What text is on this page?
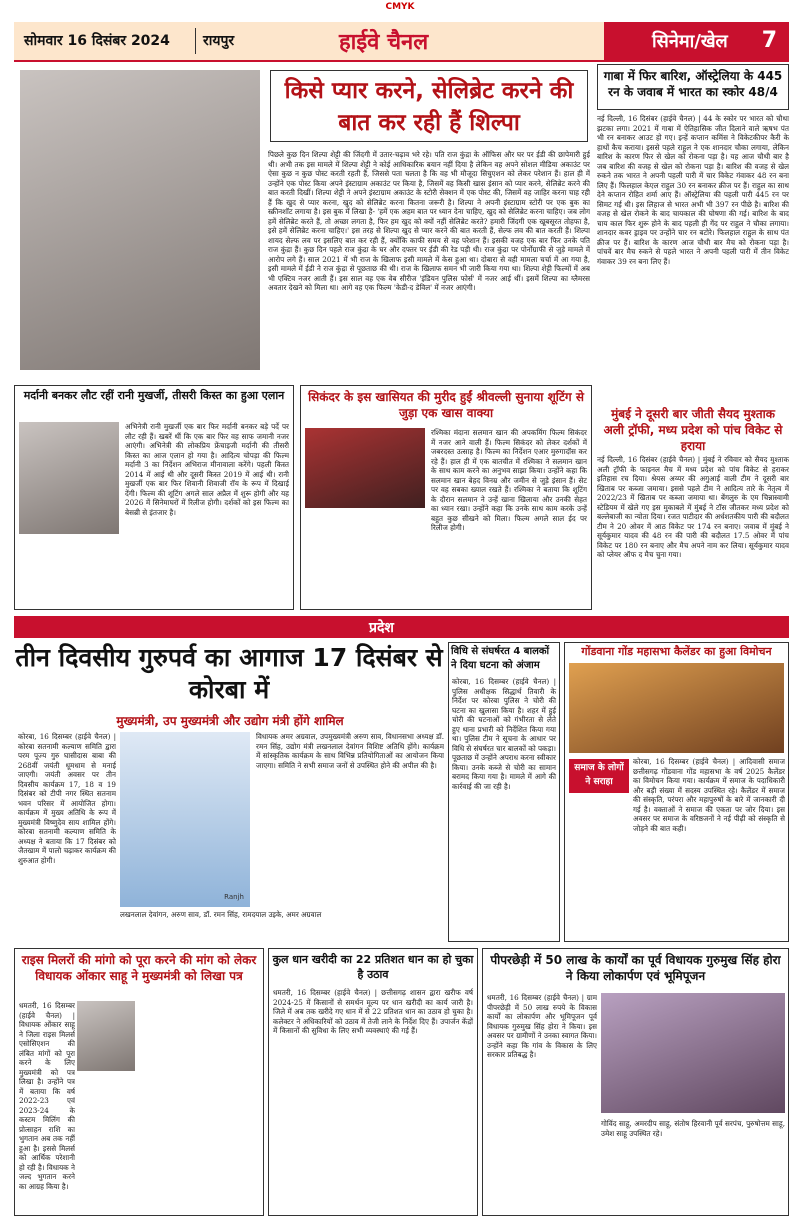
CMYK
सोमवार 16 दिसंबर 2024 रायपुर	हाईवे चैनल	सिनेमा/खेल	7
किसे प्यार करने, सेलिब्रेट करने की बात कर रही हैं शिल्पा
पिछले कुछ दिन शिल्पा शेट्टी की जिंदगी में उतार-चढ़ाव भरे रहे। पति राज कुंद्रा के ऑफिस और घर पर ईडी की छापेमारी हुई थी। अभी तक इस मामले में शिल्पा शेट्टी ने कोई आधिकारिक बयान नहीं दिया है लेकिन वह अपने सोशल मीडिया अकाउंट पर ऐसा कुछ न कुछ पोस्ट करती रहती हैं, जिससे पता चलता है कि वह भी मौजूदा सिचुएशन को लेकर परेशान हैं। हाल ही में उन्होंने एक पोस्ट किया अपने इंस्टाग्राम अकाउंट पर किया है, जिसमें वह किसी खास इंसान को प्यार करने, सेलिब्रेट करने की बात करती दिखीं। शिल्पा शेट्टी ने अपने इंस्टाग्राम अकाउंट के स्टोरी सेक्शन में एक पोस्ट की, जिसमें वह जाहिर करना चाह रही हैं कि खुद से प्यार करना, खुद को सेलिब्रेट करना कितना जरूरी है। शिल्पा ने अपनी इंस्टाग्राम स्टोरी पर एक बुक का स्क्रीनशॉट लगाया है। इस बुक में लिखा है- 'हमें एक अहम बात पर ध्यान देना चाहिए, खुद को सेलिब्रेट करना चाहिए। जब लोग हमें सेलिब्रेट करते हैं, तो अच्छा लगता है, फिर हम खुद को क्यों नहीं सेलिब्रेट करते? हमारी जिंदगी एक खूबसूरत तोहफा है, इसे हमें सेलिब्रेट करना चाहिए।' इस तरह से शिल्पा खुद से प्यार करने की बात करती हैं, सेल्फ लव की बात करती हैं। शिल्पा शायद सेल्फ लव पर इसलिए बात कर रही हैं, क्योंकि काफी समय से वह परेशान हैं। इसकी वजह एक बार फिर उनके पति राज कुंद्रा हैं। कुछ दिन पहले राज कुंद्रा के घर और दफ्तर पर ईडी की रेड पड़ी थी। राज कुंद्रा पर पोर्नोग्राफी से जुड़े मामले में आरोप लगे हैं। साल 2021 में भी राज के खिलाफ इसी मामले में केस हुआ था। दोबारा से वही मामला चर्चा में आ गया है, इसी मामले में ईडी ने राज कुंद्रा से पूछताछ की थी। राज के खिलाफ समन भी जारी किया गया था। शिल्पा शेट्टी फिल्मों में अब भी एक्टिव नजर आती हैं। इस साल वह एक वेब सीरीज 'इंडियन पुलिस फोर्स' में नजर आई थीं। इसमें शिल्पा का ग्लैमरस अवतार देखने को मिला था। आगे वह एक फिल्म 'केडी-द डेविल' में नजर आएंगी।
गाबा में फिर बारिश, ऑस्ट्रेलिया के 445 रन के जवाब में भारत का स्कोर 48/4
नई दिल्ली, 16 दिसंबर (हाईवे चैनल) | 44 के स्कोर पर भारत को चौथा झटका लगा। 2021 में गाबा में ऐतिहासिक जीत दिलाने वाले ऋषभ पंत भी रन बनाकर आउट हो गए। इन्हें कप्तान कमिंस ने विकेटकीपर कैरी के हाथों कैच कराया। इससे पहले राहुल ने एक शानदार चौका लगाया, लेकिन बारिश के कारण फिर से खेल को रोकना पड़ा है। यह आज चौथी बार है जब बारिश की वजह से खेल को रोकना पड़ा है। बारिश की वजह से खेल रुकने तक भारत ने अपनी पहली पारी में चार विकेट गंवाकर 48 रन बना लिए हैं। फिलहाल केएल राहुल 30 रन बनाकर क्रीज पर हैं। राहुल का साथ देने कप्तान रोहित शर्मा आए हैं। ऑस्ट्रेलिया की पहली पारी 445 रन पर सिमट गई थी। इस लिहाज से भारत अभी भी 397 रन पीछे है। बारिश की वजह से खेल रोकने के बाद चायकाल की घोषणा की गई। बारिश के बाद चाय काल फिर शुरू होने के बाद पहली ही गेंद पर राहुल ने चौका लगाया। शानदार कवर ड्राइव पर उन्होंने चार रन बटोरे। फिलहाल राहुल के साथ पंत क्रीज पर हैं। बारिश के कारण आज चौथी बार मैच को रोकना पड़ा है। पांचवें बार मैच रुकने से पहले भारत ने अपनी पहली पारी में तीन विकेट गंवाकर 39 रन बना लिए हैं।
मुंबई ने दूसरी बार जीती सैयद मुश्ताक अली ट्रॉफी, मध्य प्रदेश को पांच विकेट से हराया
नई दिल्ली, 16 दिसंबर (हाईवे चैनल) | मुंबई ने रविवार को सैयद मुश्ताक अली ट्रॉफी के फाइनल मैच में मध्य प्रदेश को पांच विकेट से हराकर इतिहास रच दिया। श्रेयस अय्यर की अगुआई वाली टीम ने दूसरी बार खिताब पर कब्जा जमाया। इससे पहले टीम ने आदित्य तारे के नेतृत्व में 2022/23 में खिताब पर कब्जा जमाया था। बेंगलुरु के एम चिन्नास्वामी स्टेडियम में खेले गए इस मुकाबले में मुंबई ने टॉस जीतकर मध्य प्रदेश को बल्लेबाजी का न्योता दिया। रजत पाटीदार की अर्धशतकीय पारी की बदौलत टीम ने 20 ओवर में आठ विकेट पर 174 रन बनाए। जवाब में मुंबई ने सूर्यकुमार यादव की 48 रन की पारी की बदौलत 17.5 ओवर में पांच विकेट पर 180 रन बनाए और मैच अपने नाम कर लिया। सूर्यकुमार यादव को प्लेयर ऑफ द मैच चुना गया।
मर्दानी बनकर लौट रहीं रानी मुखर्जी, तीसरी किस्त का हुआ एलान
अभिनेत्री रानी मुखर्जी एक बार फिर मर्दानी बनकर बड़े पर्दे पर लौट रही हैं। खबरें थीं कि एक बार फिर वह साफ जमानी नजर आएंगी। अभिनेत्री की लोकप्रिय फ्रेंचाइजी मर्दानी की तीसरी किस्त का आज एलान हो गया है। आदित्य चोपड़ा की फिल्म मर्दानी 3 का निर्देशन अभिराज मीनावाला करेंगे। पहली किस्त 2014 में आई थी और दूसरी किस्त 2019 में आई थी। रानी मुखर्जी एक बार फिर शिवानी शिवाजी रॉय के रूप में दिखाई देंगी। फिल्म की शूटिंग अगले साल अप्रैल में शुरू होगी और यह 2026 में सिनेमाघरों में रिलीज होगी। दर्शकों को इस फिल्म का बेसब्री से इंतजार है।
सिकंदर के इस खासियत की मुरीद हुईं श्रीवल्ली सुनाया शूटिंग से जुड़ा एक खास वाक्या
रश्मिका मंदाना सलमान खान की अपकमिंग फिल्म सिकंदर में नजर आने वाली हैं। फिल्म सिकंदर को लेकर दर्शकों में जबरदस्त उत्साह है। फिल्म का निर्देशन एआर मुरुगादॉस कर रहे हैं। हाल ही में एक बातचीत में रश्मिका ने सलमान खान के साथ काम करने का अनुभव साझा किया। उन्होंने कहा कि सलमान खान बेहद विनम्र और जमीन से जुड़े इंसान हैं। सेट पर वह सबका ख्याल रखते हैं। रश्मिका ने बताया कि शूटिंग के दौरान सलमान ने उन्हें खाना खिलाया और उनकी सेहत का ध्यान रखा। उन्होंने कहा कि उनके साथ काम करके उन्हें बहुत कुछ सीखने को मिला। फिल्म अगले साल ईद पर रिलीज होगी।
प्रदेश
तीन दिवसीय गुरुपर्व का आगाज 17 दिसंबर से कोरबा में
मुख्यमंत्री, उप मुख्यमंत्री और उद्योग मंत्री होंगे शामिल
कोरबा, 16 दिसम्बर (हाईवे चैनल) | कोरबा सतनामी कल्याण समिति द्वारा परम पूज्य गुरु घासीदास बाबा की 268वीं जयंती धूमधाम से मनाई जाएगी। जयंती अवसर पर तीन दिवसीय कार्यक्रम 17, 18 व 19 दिसंबर को टीपी नगर स्थित सतनाम भवन परिसर में आयोजित होगा। कार्यक्रम में मुख्य अतिथि के रूप में मुख्यमंत्री विष्णुदेव साय शामिल होंगे। कोरबा सतनामी कल्याण समिति के अध्यक्ष ने बताया कि 17 दिसंबर को जैतखाम में पालो चढ़ाकर कार्यक्रम की शुरुआत होगी।
Ranjh
विधायक अमर अग्रवाल, उपमुख्यमंत्री अरुण साव, विधानसभा अध्यक्ष डॉ. रमन सिंह, उद्योग मंत्री लखनलाल देवांगन विशिष्ट अतिथि होंगे। कार्यक्रम में सांस्कृतिक कार्यक्रम के साथ विभिन्न प्रतियोगिताओं का आयोजन किया जाएगा। समिति ने सभी समाज जनों से उपस्थित होने की अपील की है।
लखनलाल देवांगन, अरुण साव, डॉ. रमन सिंह, रामदयाल उइके, अमर अग्रवाल
विधि से संघर्षरत 4 बालकों ने दिया घटना को अंजाम
कोरबा, 16 दिसम्बर (हाईवे चैनल) | पुलिस अधीक्षक सिद्धार्थ तिवारी के निर्देश पर कोरबा पुलिस ने चोरी की घटना का खुलासा किया है। शहर में हुई चोरी की घटनाओं को गंभीरता से लेते हुए थाना प्रभारी को निर्देशित किया गया था। पुलिस टीम ने सूचना के आधार पर विधि से संघर्षरत चार बालकों को पकड़ा। पूछताछ में उन्होंने अपराध करना स्वीकार किया। उनके कब्जे से चोरी का सामान बरामद किया गया है। मामले में आगे की कार्रवाई की जा रही है।
गोंडवाना गोंड महासभा कैलेंडर का हुआ विमोचन
समाज के लोगों ने सराहा
कोरबा, 16 दिसम्बर (हाईवे चैनल) | आदिवासी समाज छत्तीसगढ़ गोंडवाना गोंड महासभा के वर्ष 2025 कैलेंडर का विमोचन किया गया। कार्यक्रम में समाज के पदाधिकारी और बड़ी संख्या में सदस्य उपस्थित रहे। कैलेंडर में समाज की संस्कृति, परंपरा और महापुरुषों के बारे में जानकारी दी गई है। वक्ताओं ने समाज की एकता पर जोर दिया। इस अवसर पर समाज के वरिष्ठजनों ने नई पीढ़ी को संस्कृति से जोड़ने की बात कही।
राइस मिलरों की मांगो को पूरा करने की मांग को लेकर विधायक ओंकार साहू ने मुख्यमंत्री को लिखा पत्र
धमतरी, 16 दिसम्बर (हाईवे चैनल) | विधायक ओंकार साहू ने जिला राइस मिलर्स एसोसिएशन की लंबित मांगों को पूरा करने के लिए मुख्यमंत्री को पत्र लिखा है। उन्होंने पत्र में बताया कि वर्ष 2022-23 एवं 2023-24 के कस्टम मिलिंग की प्रोत्साहन राशि का भुगतान अब तक नहीं हुआ है। इससे मिलर्स को आर्थिक परेशानी हो रही है। विधायक ने जल्द भुगतान करने का आग्रह किया है।
कुल धान खरीदी का 22 प्रतिशत धान का हो चुका है उठाव
धमतरी, 16 दिसम्बर (हाईवे चैनल) | छत्तीसगढ़ शासन द्वारा खरीफ वर्ष 2024-25 में किसानों से समर्थन मूल्य पर धान खरीदी का कार्य जारी है। जिले में अब तक खरीदे गए धान में से 22 प्रतिशत धान का उठाव हो चुका है। कलेक्टर ने अधिकारियों को उठाव में तेजी लाने के निर्देश दिए हैं। उपार्जन केंद्रों में किसानों की सुविधा के लिए सभी व्यवस्थाएं की गई हैं।
पीपरछेड़ी में 50 लाख के कार्यों का पूर्व विधायक गुरुमुख सिंह होरा ने किया लोकार्पण एवं भूमिपूजन
धमतरी, 16 दिसम्बर (हाईवे चैनल) | ग्राम पीपरछेड़ी में 50 लाख रुपये के विकास कार्यों का लोकार्पण और भूमिपूजन पूर्व विधायक गुरुमुख सिंह होरा ने किया। इस अवसर पर ग्रामीणों ने उनका स्वागत किया। उन्होंने कहा कि गांव के विकास के लिए सरकार प्रतिबद्ध है।
गोविंद साहू, अमरदीप साहू, संतोष हिरवानी पूर्व सरपंच, पुरुषोत्तम साहू, उमेश साहू उपस्थित रहे।
